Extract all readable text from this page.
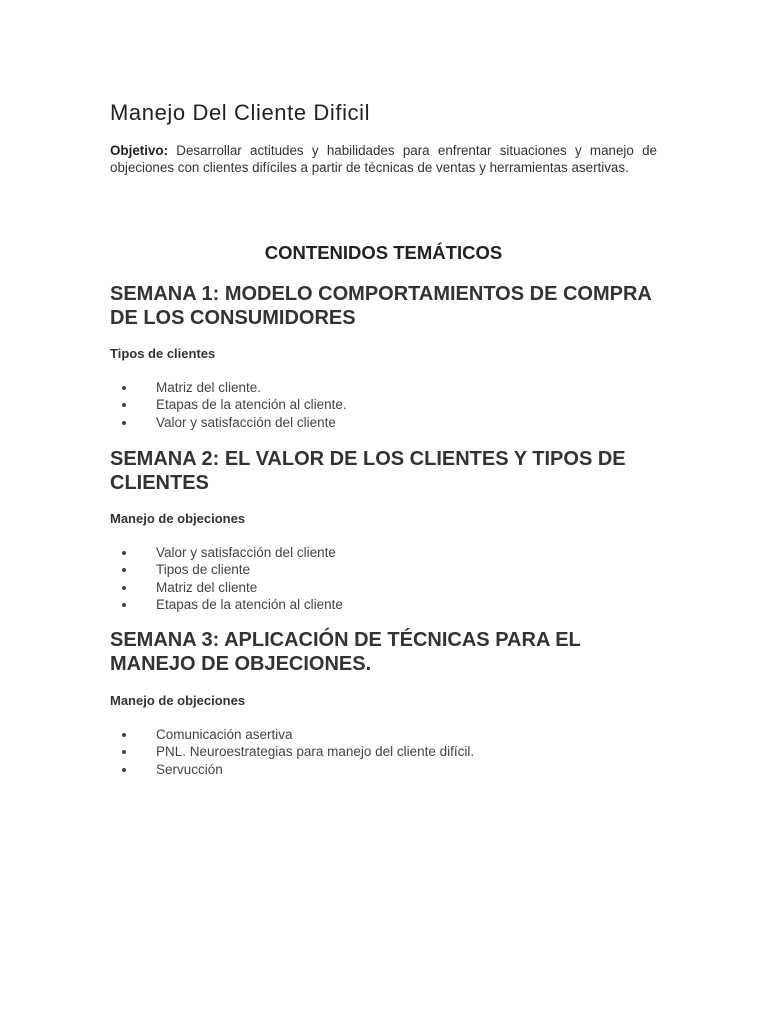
Manejo Del Cliente Dificil

Objetivo: Desarrollar actitudes y habilidades para enfrentar situaciones y manejo de objeciones con clientes difíciles a partir de técnicas de ventas y herramientas asertivas.

CONTENIDOS TEMÁTICOS
SEMANA 1: MODELO COMPORTAMIENTOS DE COMPRA DE LOS CONSUMIDORES

Tipos de clientes

Matriz del cliente.
Etapas de la atención al cliente.
Valor y satisfacción del cliente
SEMANA 2: EL VALOR DE LOS CLIENTES Y TIPOS DE CLIENTES

Manejo de objeciones

Valor y satisfacción del cliente
Tipos de cliente
Matriz del cliente
Etapas de la atención al cliente
SEMANA 3: APLICACIÓN DE TÉCNICAS PARA EL MANEJO DE OBJECIONES.

Manejo de objeciones

Comunicación asertiva
PNL. Neuroestrategias para manejo del cliente difícil.
Servucción
